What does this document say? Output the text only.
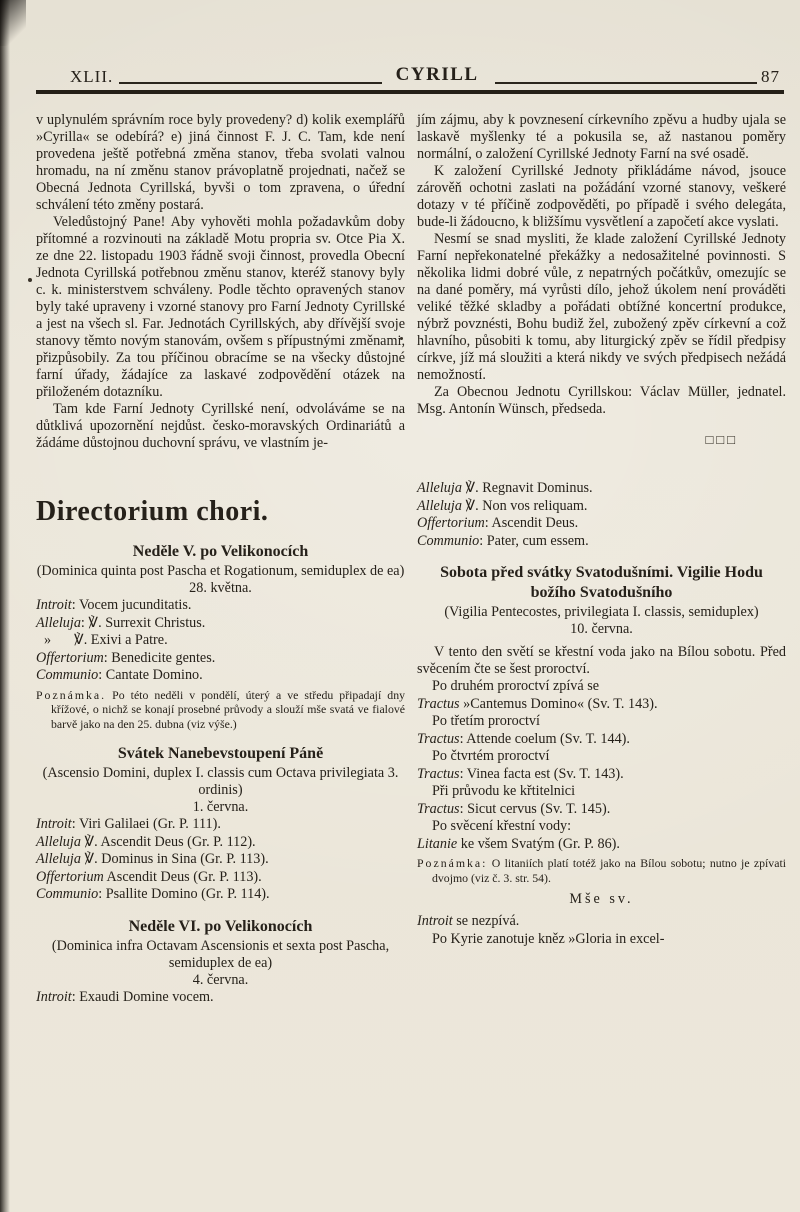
XLII.	CYRILL	87

v uplynulém správním roce byly provedeny? d) kolik exemplářů »Cyrilla« se odebírá? e) jiná činnost F. J. C. Tam, kde není provedena ještě potřebná změna stanov, třeba svolati valnou hromadu, na ní změnu stanov právoplatně projednati, načež se Obecná Jednota Cyrillská, byvši o tom zpravena, o úřední schválení této změny postará.

Veledůstojný Pane! Aby vyhověti mohla požadavkům doby přítomné a rozvinouti na základě Motu propria sv. Otce Pia X. ze dne 22. listopadu 1903 řádně svoji činnost, provedla Obecní Jednota Cyrillská potřebnou změnu stanov, kteréž stanovy byly c. k. ministerstvem schváleny. Podle těchto opravených stanov byly také upraveny i vzorné stanovy pro Farní Jednoty Cyrillské a jest na všech sl. Far. Jednotách Cyrillských, aby dřívější svoje stanovy těmto novým stanovám, ovšem s přípustnými změnami, přizpůsobily. Za tou příčinou obracíme se na všecky důstojné farní úřady, žádajíce za laskavé zodpovědění otázek na přiloženém dotazníku.

Tam kde Farní Jednoty Cyrillské není, odvoláváme se na důtklivá upozornění nejdůst. česko-moravských Ordinariátů a žádáme důstojnou duchovní správu, ve vlastním je-

jím zájmu, aby k povznesení církevního zpěvu a hudby ujala se laskavě myšlenky té a pokusila se, až nastanou poměry normální, o založení Cyrillské Jednoty Farní na své osadě.

K založení Cyrillské Jednoty přikládáme návod, jsouce zárověň ochotni zaslati na požádání vzorné stanovy, veškeré dotazy v té příčině zodpověděti, po případě i svého delegáta, bude-li žádoucno, k bližšímu vysvětlení a započetí akce vyslati.

Nesmí se snad mysliti, že klade založení Cyrillské Jednoty Farní nepřekonatelné překážky a nedosažitelné povinnosti. S několika lidmi dobré vůle, z nepatrných počátkův, omezujíc se na dané poměry, má vyrůsti dílo, jehož úkolem není prováděti veliké těžké skladby a pořádati obtížné koncertní produkce, nýbrž povznésti, Bohu budiž žel, zubožený zpěv církevní a což hlavního, působiti k tomu, aby liturgický zpěv se řídil předpisy církve, jíž má sloužiti a která nikdy ve svých předpisech nežádá nemožností.

Za Obecnou Jednotu Cyrillskou: Václav Müller, jednatel. Msg. Antonín Wünsch, předseda.

□□□
Directorium chori.

Neděle V. po Velikonocích

(Dominica quinta post Pascha et Rogationum, semiduplex de ea)

28. května.

Introit: Vocem jucunditatis.

Alleluja: ℣. Surrexit Christus.

» ℣. Exivi a Patre.

Offertorium: Benedicite gentes.

Communio: Cantate Domino.

Poznámka. Po této neděli v pondělí, úterý a ve středu připadají dny křížové, o nichž se konají prosebné průvody a slouží mše svatá ve fialové barvě jako na den 25. dubna (viz výše.)

Svátek Nanebevstoupení Páně

(Ascensio Domini, duplex I. classis cum Octava privilegiata 3. ordinis)

1. června.

Introit: Viri Galilaei (Gr. P. 111).

Alleluja ℣. Ascendit Deus (Gr. P. 112).

Alleluja ℣. Dominus in Sina (Gr. P. 113).

Offertorium Ascendit Deus (Gr. P. 113).

Communio: Psallite Domino (Gr. P. 114).

Neděle VI. po Velikonocích

(Dominica infra Octavam Ascensionis et sexta post Pascha, semiduplex de ea)

4. června.

Introit: Exaudi Domine vocem.

Alleluja ℣. Regnavit Dominus.

Alleluja ℣. Non vos reliquam.

Offertorium: Ascendit Deus.

Communio: Pater, cum essem.

Sobota před svátky Svatodušními. Vigilie Hodu božího Svatodušního

(Vigilia Pentecostes, privilegiata I. classis, semiduplex)

10. června.

V tento den světí se křestní voda jako na Bílou sobotu. Před svěcením čte se šest proroctví.

Po druhém proroctví zpívá se

Tractus »Cantemus Domino« (Sv. T. 143).

Po třetím proroctví

Tractus: Attende coelum (Sv. T. 144).

Po čtvrtém proroctví

Tractus: Vinea facta est (Sv. T. 143).

Při průvodu ke křtitelnici

Tractus: Sicut cervus (Sv. T. 145).

Po svěcení křestní vody:

Litanie ke všem Svatým (Gr. P. 86).

Poznámka: O litaniích platí totéž jako na Bílou sobotu; nutno je zpívati dvojmo (viz č. 3. str. 54).

Mše sv.

Introit se nezpívá.

Po Kyrie zanotuje kněz »Gloria in excel-
